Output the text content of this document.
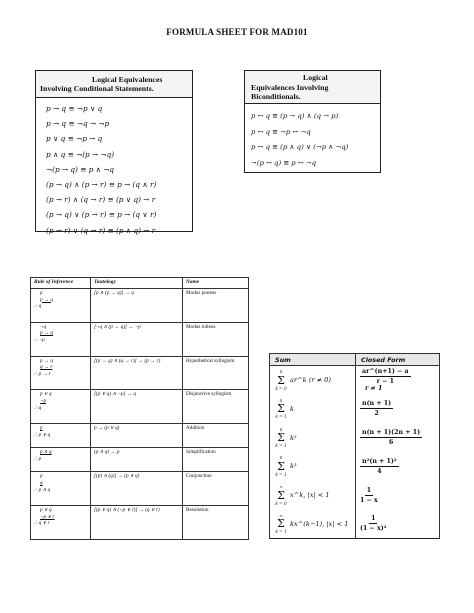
FORMULA SHEET FOR MAD101
Logical Equivalences
Involving Conditional Statements.
p → q ≡ ¬p ∨ q
p → q ≡ ¬q → ¬p
p ∨ q ≡ ¬p → q
p ∧ q ≡ ¬(p → ¬q)
¬(p → q) ≡ p ∧ ¬q
(p → q) ∧ (p → r) ≡ p → (q ∧ r)
(p → r) ∧ (q → r) ≡ (p ∨ q) → r
(p → q) ∨ (p → r) ≡ p → (q ∨ r)
(p → r) ∨ (q → r) ≡ (p ∧ q) → r
Logical
Equivalences Involving
Biconditionals.
p ↔ q ≡ (p → q) ∧ (q → p)
p ↔ q ≡ ¬p ↔ ¬q
p ↔ q ≡ (p ∧ q) ∨ (¬p ∧ ¬q)
¬(p ↔ q) ≡ p ↔ ¬q
Rule of Inference	Tautology	Name

p
p → q
∴ q	[p ∧ (p → q)] → q	Modus ponens

¬q
p → q
∴ ¬p	[¬q ∧ (p → q)] → ¬p	Modus tollens

p → q
q → r
∴ p → r	[(p → q) ∧ (q → r)] → (p → r)	Hypothetical syllogism

p ∨ q
¬p
∴ q	[(p ∨ q) ∧ ¬p] → q	Disjunctive syllogism

p
∴ p ∨ q	p → (p ∨ q)	Addition

p ∧ q
∴ p	(p ∧ q) → p	Simplification

p
q
∴ p ∧ q	[(p) ∧ (q)] → (p ∧ q)	Conjunction

p ∨ q
¬p ∨ r
∴ q ∨ r	[(p ∨ q) ∧ (¬p ∨ r)] → (q ∨ r)	Resolution
Sum	Closed Form

n
Σ
k = 0
ar^k (r ≠ 0)	$\frac{ar\^{}(n+1) - a}{r - 1}$
r ≠ 1

n
Σ
k = 1
k	$\frac{n(n + 1)}{2}$

n
Σ
k = 1
k²	$\frac{n(n + 1)(2n + 1)}{6}$

n
Σ
k = 1
k³	$\frac{\text{n²(n + 1)²}}{4}$

∞
Σ
k = 0
x^k, |x| < 1	$\frac{1}{1 - x}$

∞
Σ
k = 1
kx^(k−1), |x| < 1	$\frac{1}{\text{(1 − x)²}}$
